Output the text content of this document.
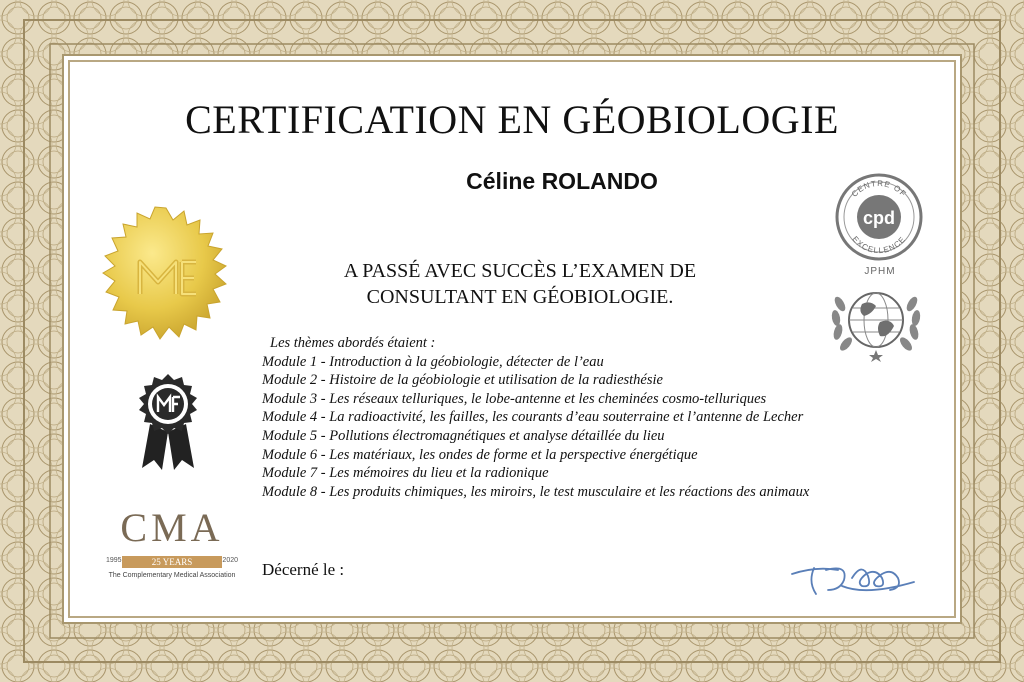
CERTIFICATION EN GÉOBIOLOGIE
Céline ROLANDO
A PASSÉ AVEC SUCCÈS L’EXAMEN DE
CONSULTANT EN GÉOBIOLOGIE.
Les thèmes abordés étaient :
Module 1 - Introduction à la géobiologie, détecter de l’eau
Module 2 - Histoire de la géobiologie et utilisation de la radiesthésie
Module 3 - Les réseaux telluriques, le lobe-antenne et les cheminées cosmo-telluriques
Module 4 - La radioactivité, les failles, les courants d’eau souterraine et l’antenne de Lecher
Module 5 - Pollutions électromagnétiques et analyse détaillée du lieu
Module 6 - Les matériaux, les ondes de forme et la perspective énergétique
Module 7 - Les mémoires du lieu et la radionique
Module 8 - Les produits chimiques, les miroirs, le test musculaire et les réactions des animaux
Décerné le :
CMA
25 YEARS
1995	2020
The Complementary Medical Association
cpd
CENTRE OF
EXCELLENCE
JPHM
